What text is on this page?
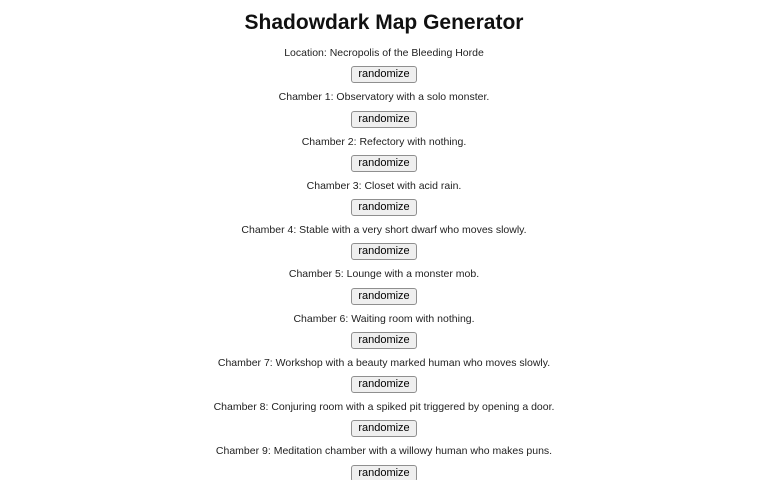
Shadowdark Map Generator

Location: Necropolis of the Bleeding Horde

randomize

Chamber 1: Observatory with a solo monster.

randomize

Chamber 2: Refectory with nothing.

randomize

Chamber 3: Closet with acid rain.

randomize

Chamber 4: Stable with a very short dwarf who moves slowly.

randomize

Chamber 5: Lounge with a monster mob.

randomize

Chamber 6: Waiting room with nothing.

randomize

Chamber 7: Workshop with a beauty marked human who moves slowly.

randomize

Chamber 8: Conjuring room with a spiked pit triggered by opening a door.

randomize

Chamber 9: Meditation chamber with a willowy human who makes puns.

randomize
